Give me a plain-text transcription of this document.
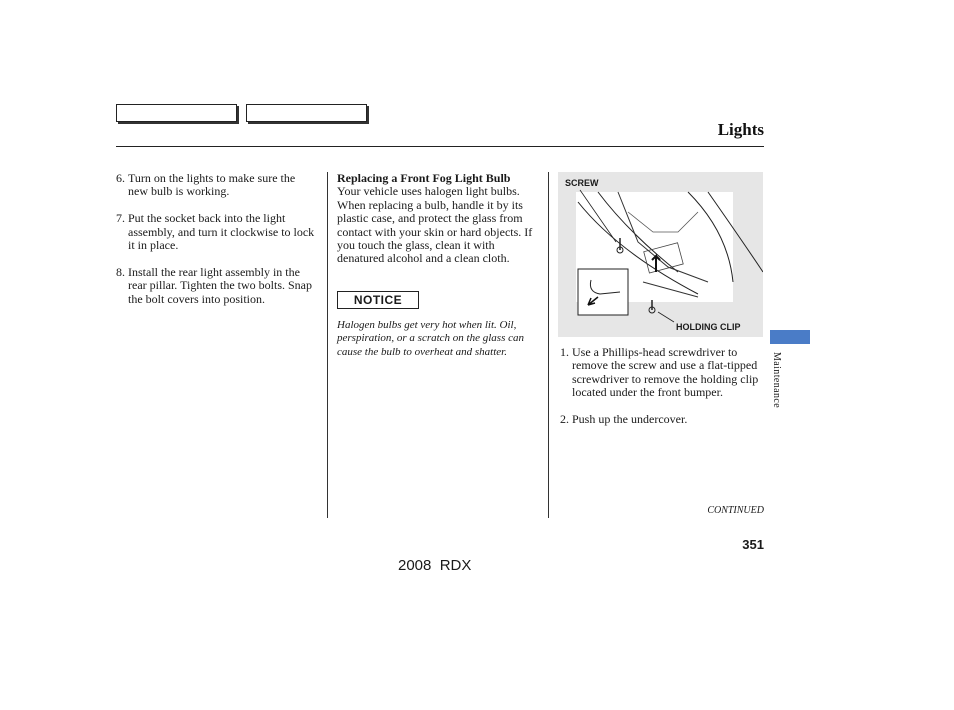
Lights
6. Turn on the lights to make sure the new bulb is working.
7. Put the socket back into the light assembly, and turn it clockwise to lock it in place.
8. Install the rear light assembly in the rear pillar. Tighten the two bolts. Snap the bolt covers into position.
Replacing a Front Fog Light Bulb
Your vehicle uses halogen light bulbs. When replacing a bulb, handle it by its plastic case, and protect the glass from contact with your skin or hard objects. If you touch the glass, clean it with denatured alcohol and a clean cloth.
NOTICE
Halogen bulbs get very hot when lit. Oil, perspiration, or a scratch on the glass can cause the bulb to overheat and shatter.
SCREW
HOLDING CLIP
1. Use a Phillips-head screwdriver to remove the screw and use a flat-tipped screwdriver to remove the holding clip located under the front bumper.
2. Push up the undercover.
Maintenance
CONTINUED
351
2008  RDX
